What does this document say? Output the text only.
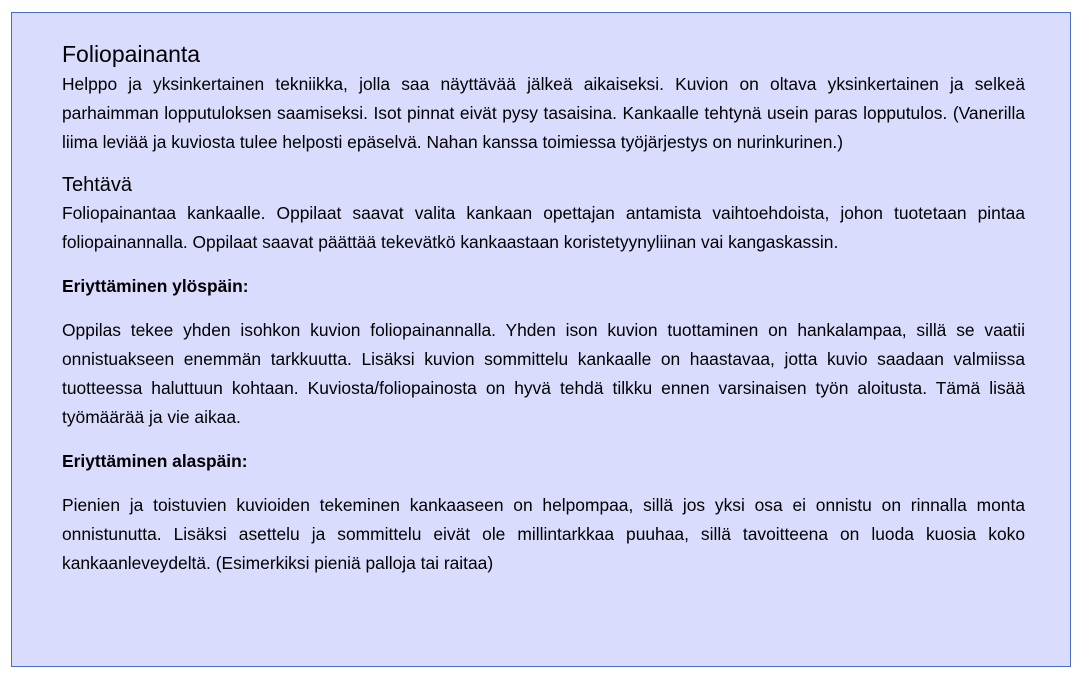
Foliopainanta

Helppo ja yksinkertainen tekniikka, jolla saa näyttävää jälkeä aikaiseksi. Kuvion on oltava yksinkertainen ja selkeä parhaimman lopputuloksen saamiseksi. Isot pinnat eivät pysy tasaisina. Kankaalle tehtynä usein paras lopputulos. (Vanerilla liima leviää ja kuviosta tulee helposti epäselvä. Nahan kanssa toimiessa työjärjestys on nurinkurinen.)

Tehtävä

Foliopainantaa kankaalle. Oppilaat saavat valita kankaan opettajan antamista vaihtoehdoista, johon tuotetaan pintaa foliopainannalla. Oppilaat saavat päättää tekevätkö kankaastaan koristetyynyliinan vai kangaskassin.

Eriyttäminen ylöspäin:

Oppilas tekee yhden isohkon kuvion foliopainannalla. Yhden ison kuvion tuottaminen on hankalampaa, sillä se vaatii onnistuakseen enemmän tarkkuutta. Lisäksi kuvion sommittelu kankaalle on haastavaa, jotta kuvio saadaan valmiissa tuotteessa haluttuun kohtaan. Kuviosta/foliopainosta on hyvä tehdä tilkku ennen varsinaisen työn aloitusta. Tämä lisää työmäärää ja vie aikaa.

Eriyttäminen alaspäin:

Pienien ja toistuvien kuvioiden tekeminen kankaaseen on helpompaa, sillä jos yksi osa ei onnistu on rinnalla monta onnistunutta. Lisäksi asettelu ja sommittelu eivät ole millintarkkaa puuhaa, sillä tavoitteena on luoda kuosia koko kankaanleveydeltä. (Esimerkiksi pieniä palloja tai raitaa)
